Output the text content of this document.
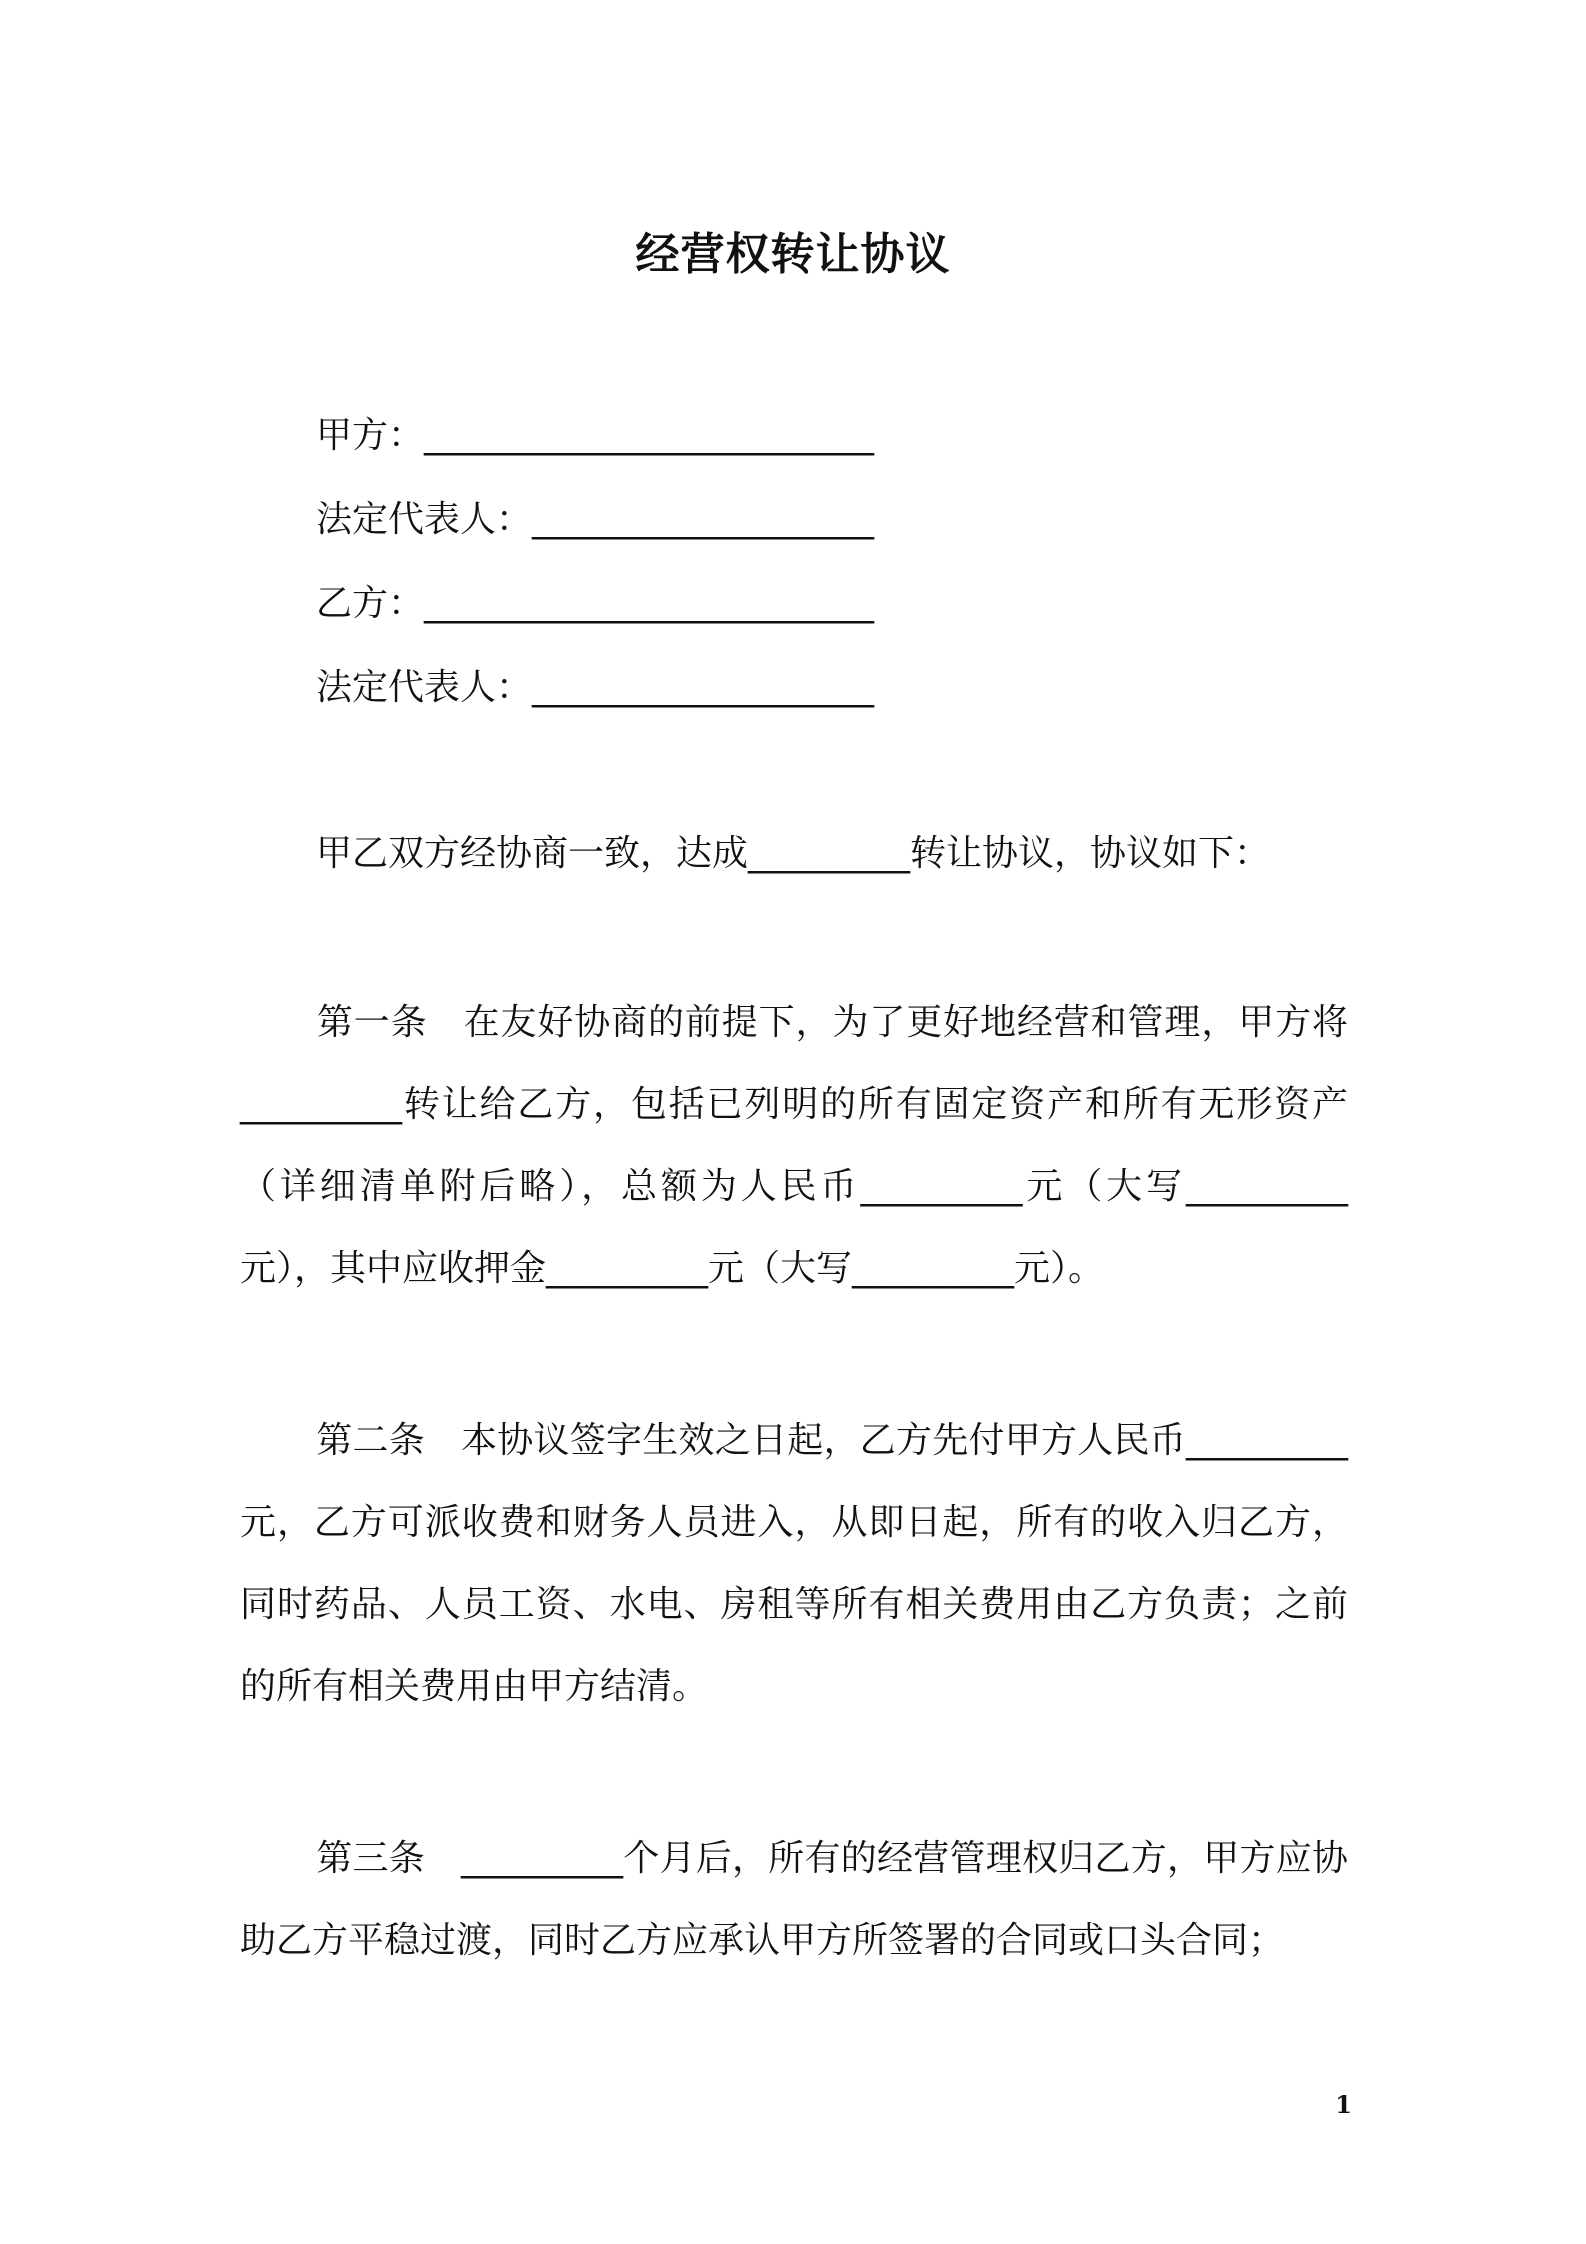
经营权转让协议
甲方：_________________________
法定代表人：___________________
乙方：_________________________
法定代表人：___________________
甲乙双方经协商一致，达成_________转让协议，协议如下：
第一条 在友好协商的前提下，为了更好地经营和管理，甲方将_________转让给乙方，包括已列明的所有固定资产和所有无形资产（详细清单附后略），总额为人民币_________元（大写_________元），其中应收押金_________元（大写_________元）。
第二条 本协议签字生效之日起，乙方先付甲方人民币_________元，乙方可派收费和财务人员进入，从即日起，所有的收入归乙方，同时药品、人员工资、水电、房租等所有相关费用由乙方负责；之前的所有相关费用由甲方结清。
第三条 _________个月后，所有的经营管理权归乙方，甲方应协助乙方平稳过渡，同时乙方应承认甲方所签署的合同或口头合同；
1
